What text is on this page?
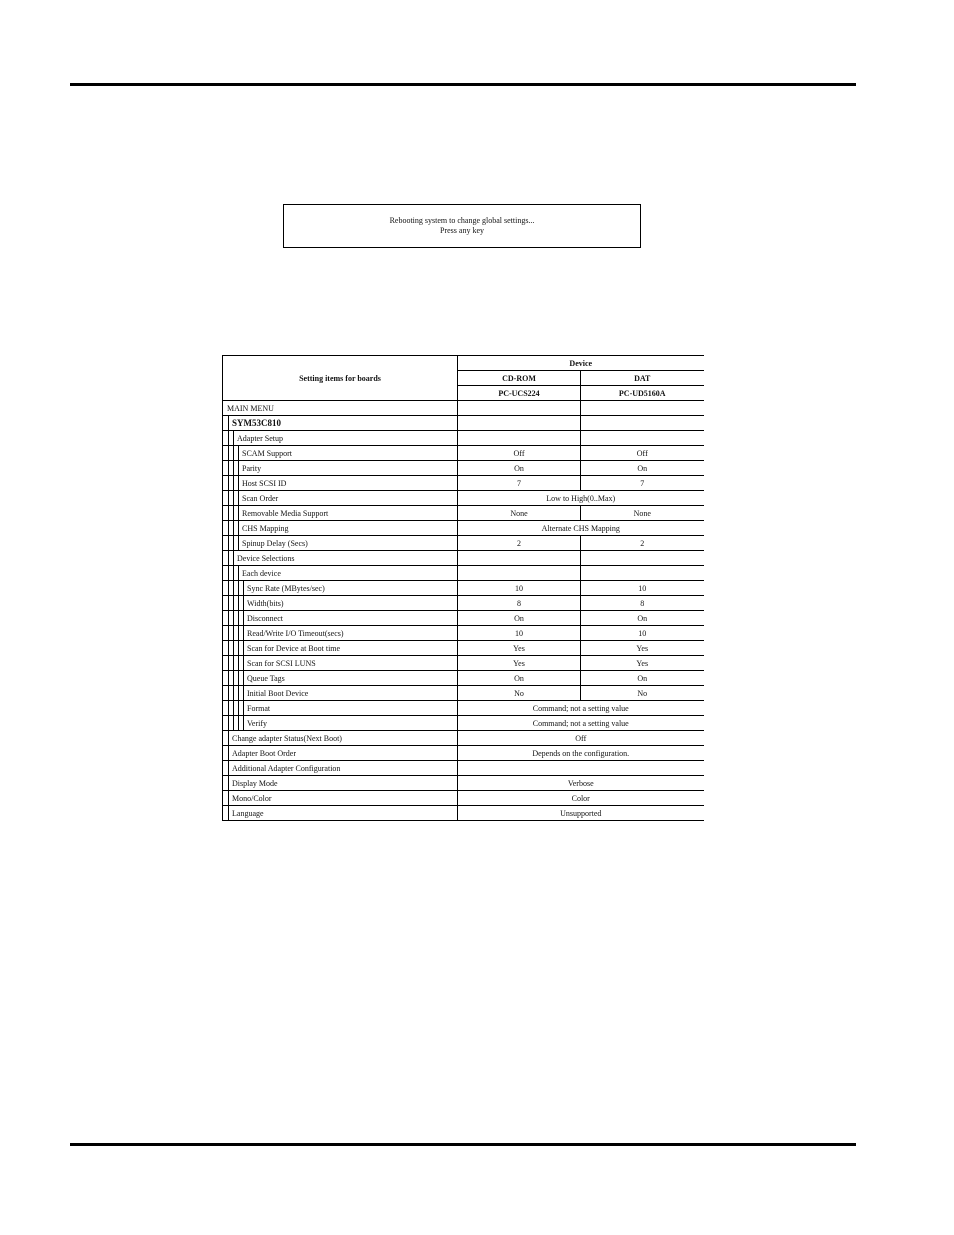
Rebooting system to change global settings...
Press any key
Setting items for boards	Device	
	CD-ROM	DAT
	PC-UCS224	PC-UD5160A
MAIN MENU		
SYM53C810		
Adapter Setup		
SCAM Support	Off	Off
Parity	On	On
Host SCSI ID	7	7
Scan Order	Low to High(0..Max)	
Removable Media Support	None	None
CHS Mapping	Alternate CHS Mapping	
Spinup Delay (Secs)	2	2
Device Selections		
Each device		
Sync Rate (MBytes/sec)	10	10
Width(bits)	8	8
Disconnect	On	On
Read/Write I/O Timeout(secs)	10	10
Scan for Device at Boot time	Yes	Yes
Scan for SCSI LUNS	Yes	Yes
Queue Tags	On	On
Initial Boot Device	No	No
Format	Command; not a setting value	
Verify	Command; not a setting value	
Change adapter Status(Next Boot)	Off	
Adapter Boot Order	Depends on the configuration.	
Additional Adapter Configuration		
Display Mode	Verbose	
Mono/Color	Color	
Language	Unsupported	
